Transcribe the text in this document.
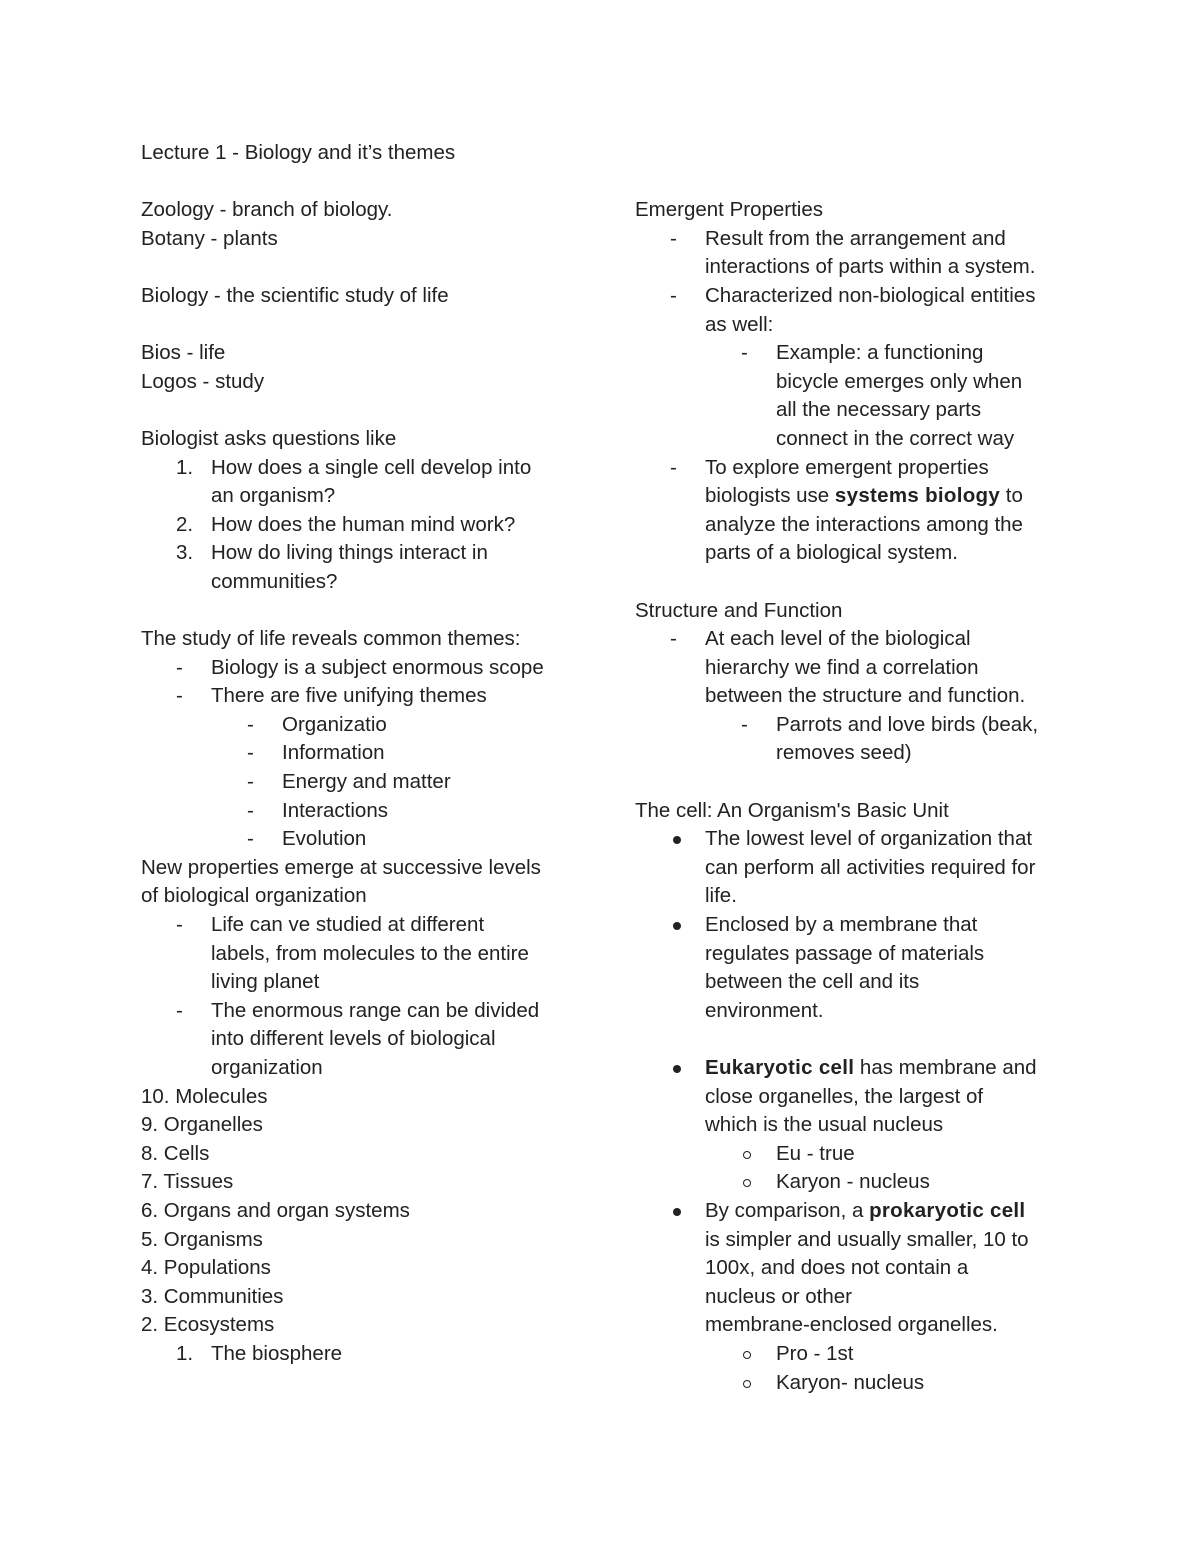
Lecture 1 - Biology and it’s themes
Zoology - branch of biology.
Botany - plants
Biology - the scientific study of life
Bios - life
Logos - study
Biologist asks questions like
1. How does a single cell develop into
an organism?
2. How does the human mind work?
3. How do living things interact in
communities?
The study of life reveals common themes:
- Biology is a subject enormous scope
- There are five unifying themes
- Organizatio
- Information
- Energy and matter
- Interactions
- Evolution
New properties emerge at successive levels
of biological organization
- Life can ve studied at different
labels, from molecules to the entire
living planet
- The enormous range can be divided
into different levels of biological
organization
10. Molecules
9. Organelles
8. Cells
7. Tissues
6. Organs and organ systems
5. Organisms
4. Populations
3. Communities
2. Ecosystems
1. The biosphere
Emergent Properties
- Result from the arrangement and
interactions of parts within a system.
- Characterized non-biological entities
as well:
- Example: a functioning
bicycle emerges only when
all the necessary parts
connect in the correct way
- To explore emergent properties
biologists use systems biology to
analyze the interactions among the
parts of a biological system.
Structure and Function
- At each level of the biological
hierarchy we find a correlation
between the structure and function.
- Parrots and love birds (beak,
removes seed)
The cell: An Organism's Basic Unit
The lowest level of organization that
can perform all activities required for
life.
Enclosed by a membrane that
regulates passage of materials
between the cell and its
environment.
Eukaryotic cell has membrane and
close organelles, the largest of
which is the usual nucleus
Eu - true
Karyon - nucleus
By comparison, a prokaryotic cell
is simpler and usually smaller, 10 to
100x, and does not contain a
nucleus or other
membrane-enclosed organelles.
Pro - 1st
Karyon- nucleus
